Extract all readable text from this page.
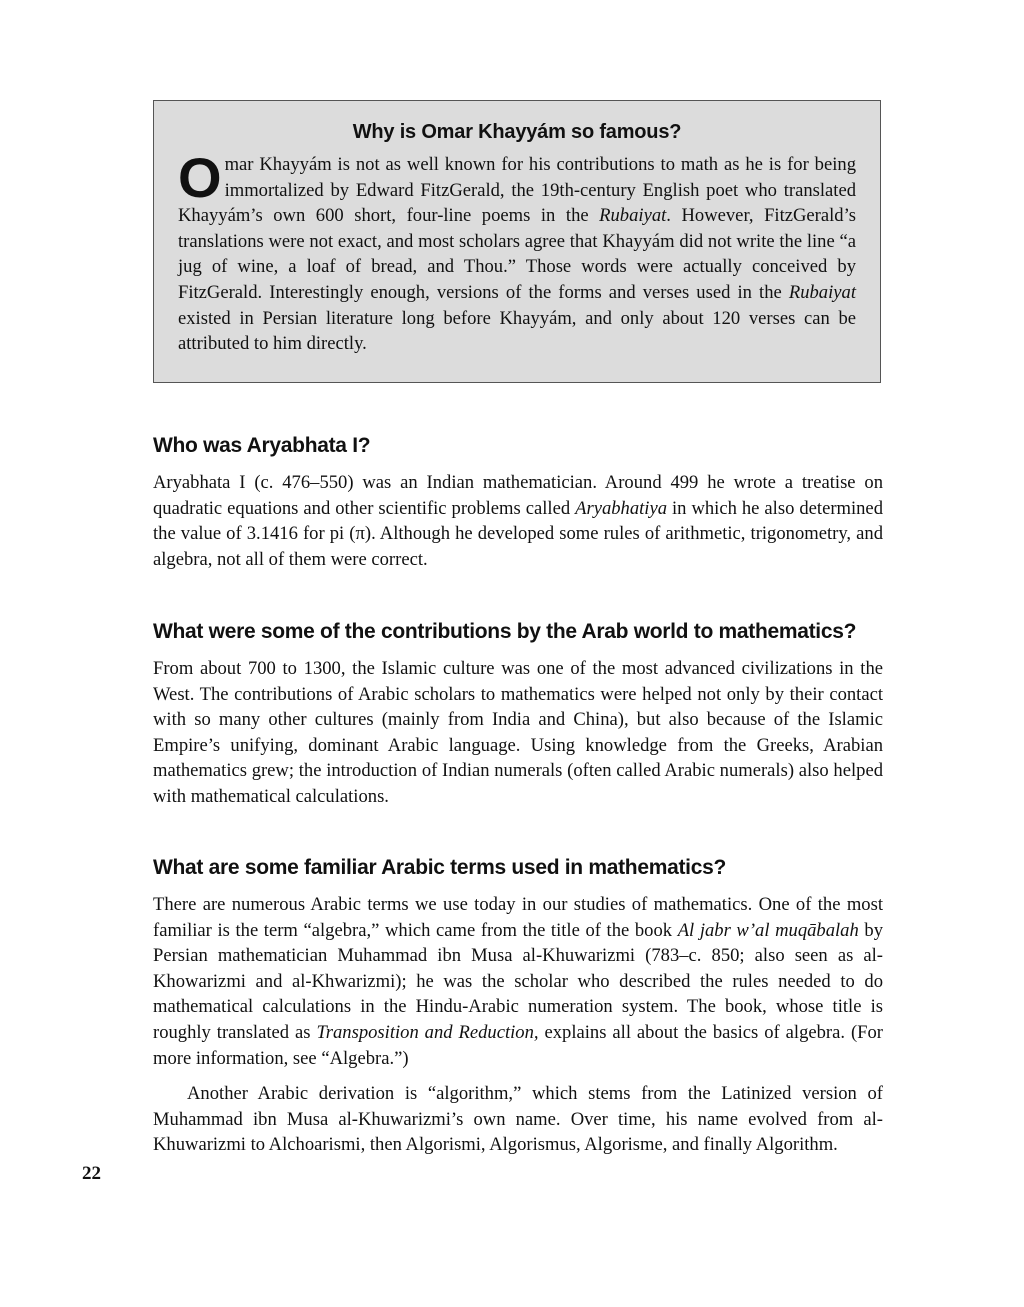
Why is Omar Khayyám so famous?

Omar Khayyám is not as well known for his contributions to math as he is for being immortalized by Edward FitzGerald, the 19th-century English poet who translated Khayyám’s own 600 short, four-line poems in the Rubaiyat. However, FitzGerald’s translations were not exact, and most scholars agree that Khayyám did not write the line “a jug of wine, a loaf of bread, and Thou.” Those words were actually conceived by FitzGerald. Interestingly enough, versions of the forms and verses used in the Rubaiyat existed in Persian literature long before Khayyám, and only about 120 verses can be attributed to him directly.

Who was Aryabhata I?

Aryabhata I (c. 476–550) was an Indian mathematician. Around 499 he wrote a treatise on quadratic equations and other scientific problems called Aryabhatiya in which he also determined the value of 3.1416 for pi (π). Although he developed some rules of arithmetic, trigonometry, and algebra, not all of them were correct.

What were some of the contributions by the Arab world to mathematics?

From about 700 to 1300, the Islamic culture was one of the most advanced civilizations in the West. The contributions of Arabic scholars to mathematics were helped not only by their contact with so many other cultures (mainly from India and China), but also because of the Islamic Empire’s unifying, dominant Arabic language. Using knowledge from the Greeks, Arabian mathematics grew; the introduction of Indian numerals (often called Arabic numerals) also helped with mathematical calculations.

What are some familiar Arabic terms used in mathematics?

There are numerous Arabic terms we use today in our studies of mathematics. One of the most familiar is the term “algebra,” which came from the title of the book Al jabr w’al muqābalah by Persian mathematician Muhammad ibn Musa al-Khuwarizmi (783–c. 850; also seen as al-Khowarizmi and al-Khwarizmi); he was the scholar who described the rules needed to do mathematical calculations in the Hindu-Arabic numeration system. The book, whose title is roughly translated as Transposition and Reduction, explains all about the basics of algebra. (For more information, see “Algebra.”)

Another Arabic derivation is “algorithm,” which stems from the Latinized version of Muhammad ibn Musa al-Khuwarizmi’s own name. Over time, his name evolved from al-Khuwarizmi to Alchoarismi, then Algorismi, Algorismus, Algorisme, and finally Algorithm.

22
